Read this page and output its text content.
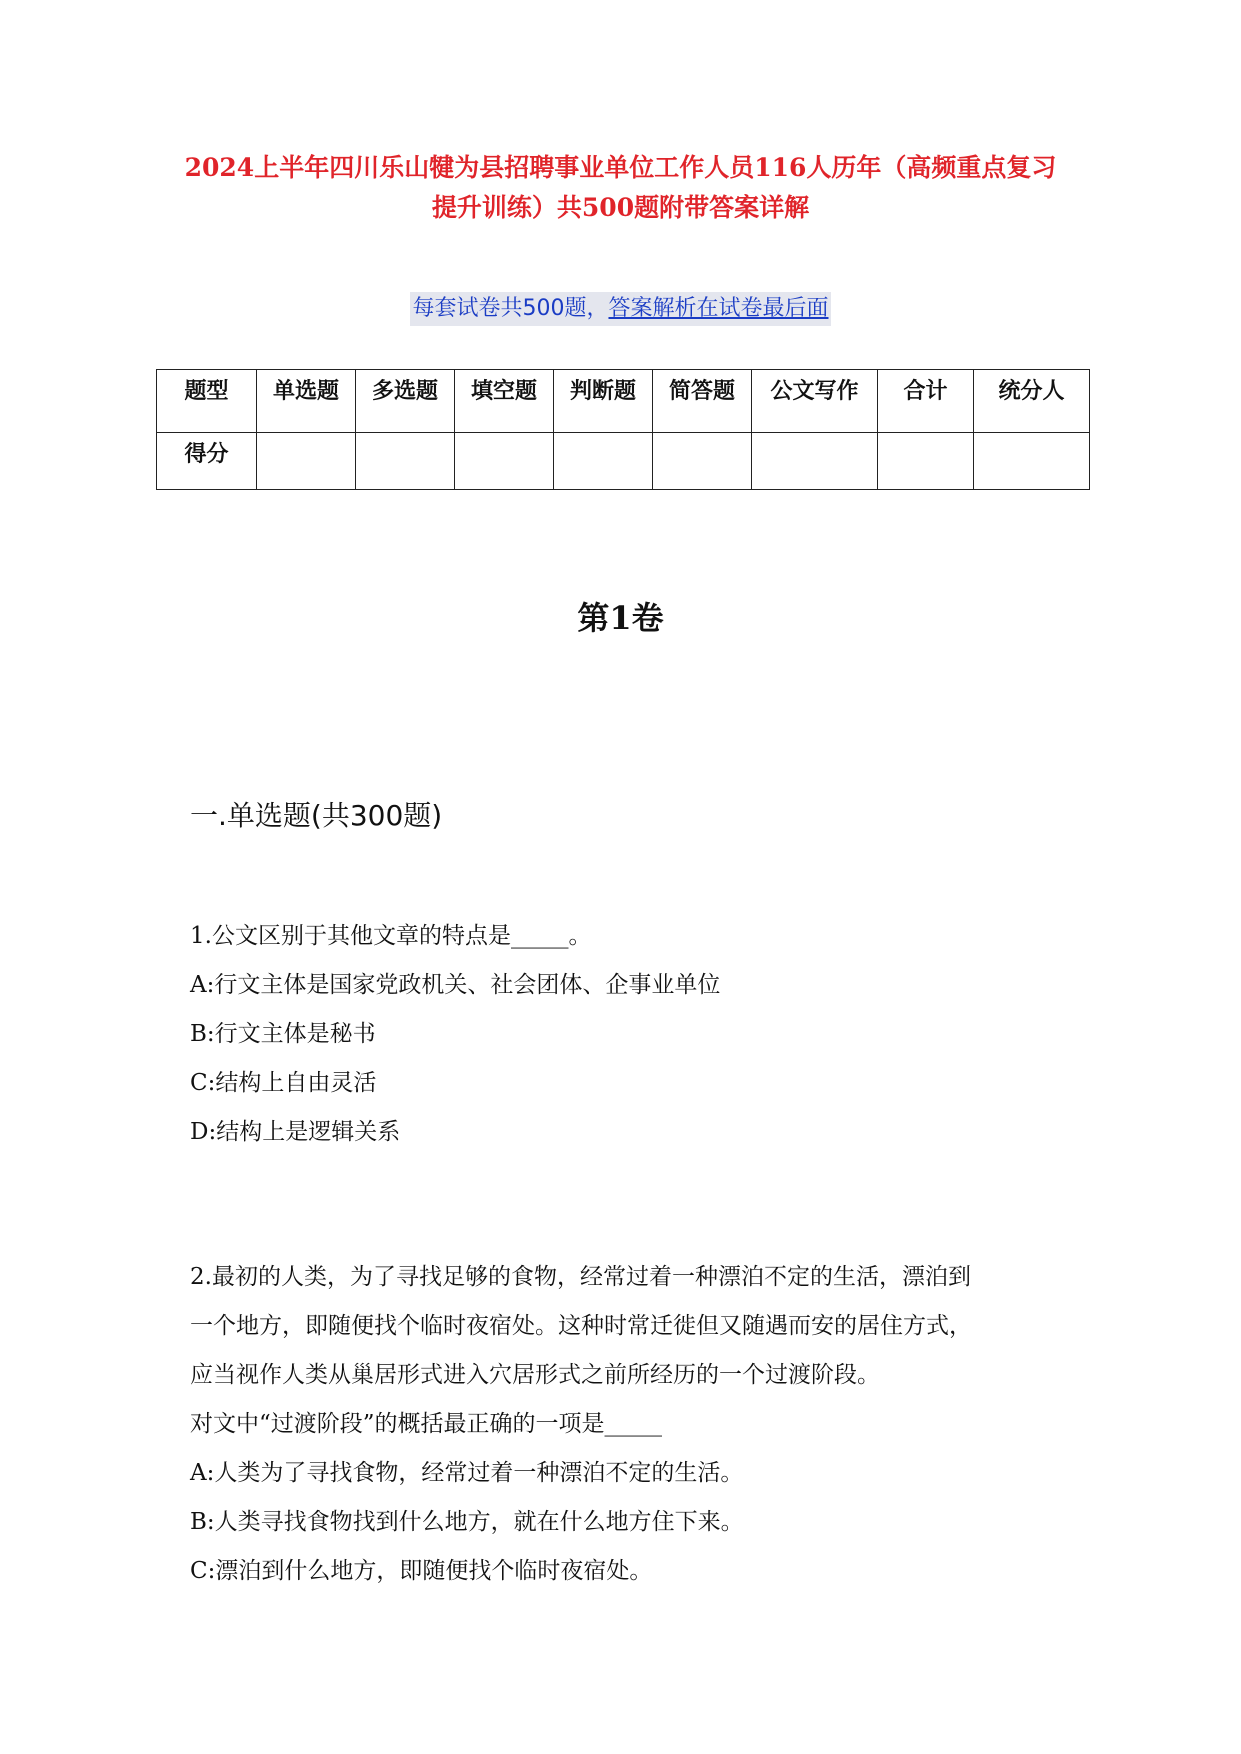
2024上半年四川乐山犍为县招聘事业单位工作人员116人历年（高频重点复习
提升训练）共500题附带答案详解
每套试卷共500题，答案解析在试卷最后面
题型	单选题	多选题	填空题	判断题	简答题	公文写作	合计	统分人
得分								
第1卷
一.单选题(共300题)
1.公文区别于其他文章的特点是_____。
A:行文主体是国家党政机关、社会团体、企事业单位
B:行文主体是秘书
C:结构上自由灵活
D:结构上是逻辑关系
2.最初的人类，为了寻找足够的食物，经常过着一种漂泊不定的生活，漂泊到
一个地方，即随便找个临时夜宿处。这种时常迁徙但又随遇而安的居住方式，
应当视作人类从巢居形式进入穴居形式之前所经历的一个过渡阶段。
对文中“过渡阶段”的概括最正确的一项是_____
A:人类为了寻找食物，经常过着一种漂泊不定的生活。
B:人类寻找食物找到什么地方，就在什么地方住下来。
C:漂泊到什么地方，即随便找个临时夜宿处。
